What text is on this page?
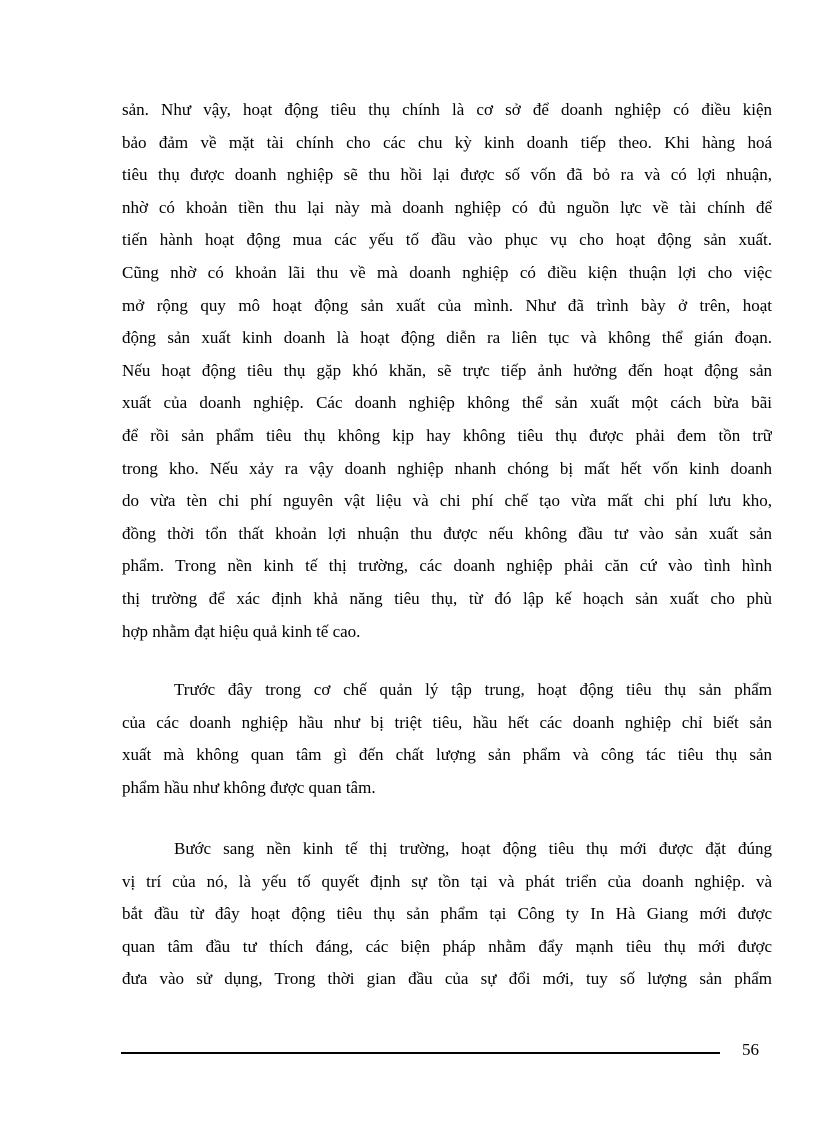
sản. Như vậy, hoạt động tiêu thụ chính là cơ sở để doanh nghiệp có điều kiện
bảo đảm về mặt tài chính cho các chu kỳ kinh doanh tiếp theo. Khi hàng hoá
tiêu thụ được doanh nghiệp sẽ thu hồi lại được số vốn đã bỏ ra và có lợi nhuận,
nhờ có khoản tiền thu lại này mà doanh nghiệp có đủ nguồn lực về tài chính để
tiến hành hoạt động mua các yếu tố đầu vào phục vụ cho hoạt động sản xuất.
Cũng nhờ có khoản lãi thu về mà doanh nghiệp có điều kiện thuận lợi cho việc
mở rộng quy mô hoạt động sản xuất của mình. Như đã trình bày ở trên, hoạt
động sản xuất kinh doanh là hoạt động diễn ra liên tục và không thể gián đoạn.
Nếu hoạt động tiêu thụ gặp khó khăn, sẽ trực tiếp ảnh hưởng đến hoạt động sản
xuất của doanh nghiệp. Các doanh nghiệp không thể sản xuất một cách bừa bãi
để rồi sản phẩm tiêu thụ không kịp hay không tiêu thụ được phải đem tồn trữ
trong kho. Nếu xảy ra vậy doanh nghiệp nhanh chóng bị mất hết vốn kinh doanh
do vừa tèn chi phí nguyên vật liệu và chi phí chế tạo vừa mất chi phí lưu kho,
đồng thời tổn thất khoản lợi nhuận thu được nếu không đầu tư vào sản xuất sản
phẩm. Trong nền kinh tế thị trường, các doanh nghiệp phải căn cứ vào tình hình
thị trường để xác định khả năng tiêu thụ, từ đó lập kế hoạch sản xuất cho phù
hợp nhằm đạt hiệu quả kinh tế cao.
Trước đây trong cơ chế quản lý tập trung, hoạt động tiêu thụ sản phẩm
của các doanh nghiệp hầu như bị triệt tiêu, hầu hết các doanh nghiệp chỉ biết sản
xuất mà không quan tâm gì đến chất lượng sản phẩm và công tác tiêu thụ sản
phẩm hầu như không được quan tâm.
Bước sang nền kinh tế thị trường, hoạt động tiêu thụ mới được đặt đúng
vị trí của nó, là yếu tố quyết định sự tồn tại và phát triển của doanh nghiệp. và
bắt đầu từ đây hoạt động tiêu thụ sản phẩm tại Công ty In Hà Giang mới được
quan tâm đầu tư thích đáng, các biện pháp nhằm đẩy mạnh tiêu thụ mới được
đưa vào sử dụng, Trong thời gian đầu của sự đổi mới, tuy số lượng sản phẩm
56
